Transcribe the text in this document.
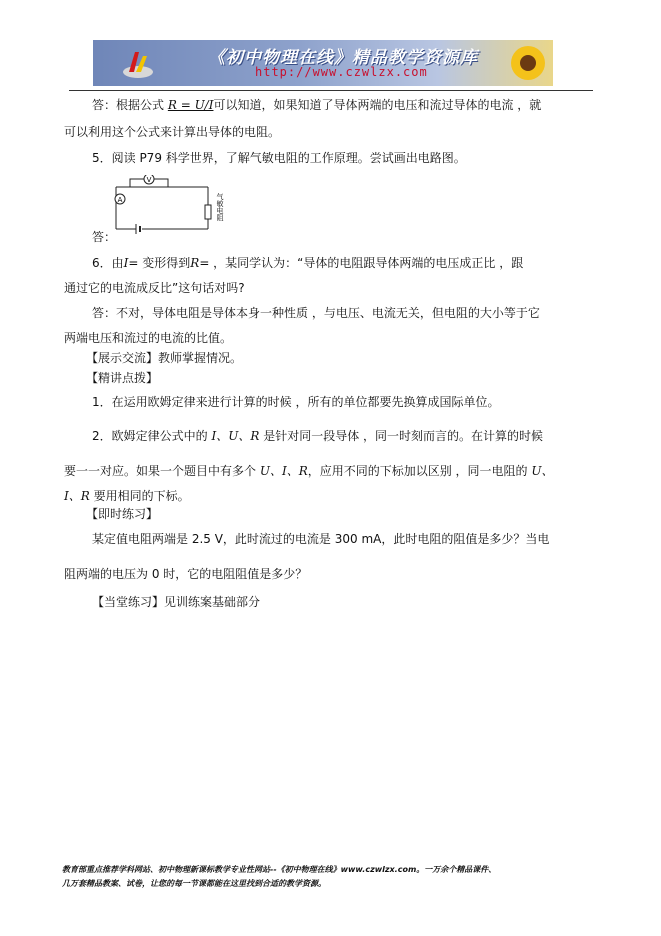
《初中物理在线》精品教学资源库
http://www.czwlzx.com
答：根据公式 R = U/I可以知道，如果知道了导体两端的电压和流过导体的电流 ，就
可以利用这个公式来计算出导体的电阻。
5．阅读 P79 科学世界，了解气敏电阻的工作原理。尝试画出电路图。
A
V
气敏电阻
答：
6．由I= 变形得到R= ，某同学认为：“导体的电阻跟导体两端的电压成正比 ，跟
通过它的电流成反比”这句话对吗?
答：不对，导体电阻是导体本身一种性质 ，与电压、电流无关，但电阻的大小等于它
两端电压和流过的电流的比值。
【展示交流】教师掌握情况。
【精讲点拨】
1．在运用欧姆定律来进行计算的时候 ，所有的单位都要先换算成国际单位。
2．欧姆定律公式中的 I、U、R 是针对同一段导体 ，同一时刻而言的。在计算的时候
要一一对应。如果一个题目中有多个 U、I、R，应用不同的下标加以区别 ，同一电阻的 U、
I、R 要用相同的下标。
【即时练习】
某定值电阻两端是 2.5 V，此时流过的电流是 300 mA，此时电阻的阻值是多少？当电
阻两端的电压为 0 时，它的电阻阻值是多少？
【当堂练习】见训练案基础部分
教育部重点推荐学科网站、初中物理新课标教学专业性网站--《初中物理在线》www.czwlzx.com。一万余个精品课件、
几万套精品教案、试卷，让您的每一节课都能在这里找到合适的教学资源。
